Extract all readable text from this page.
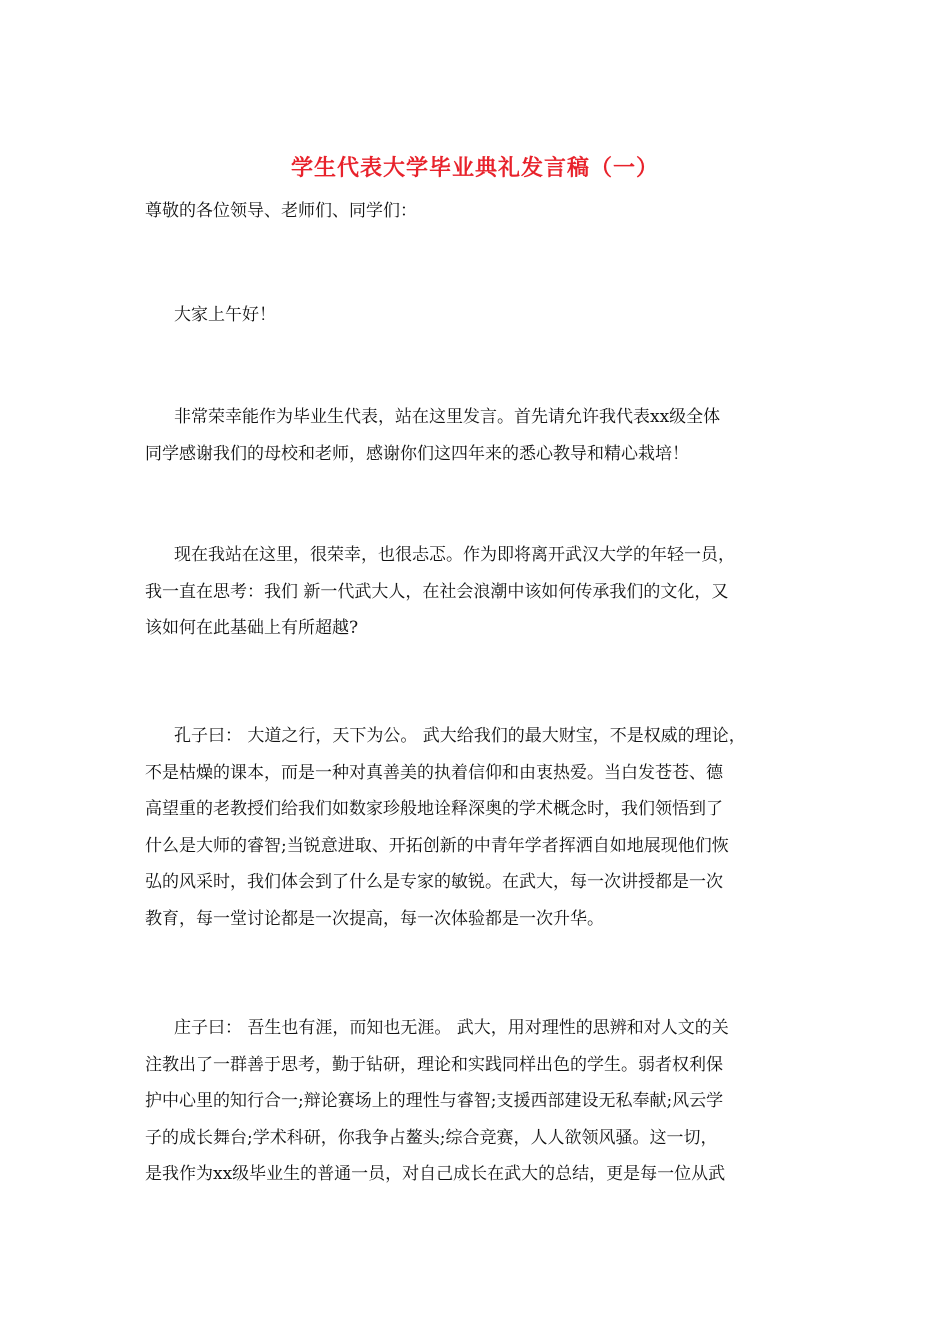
学生代表大学毕业典礼发言稿（一）
尊敬的各位领导、老师们、同学们：
大家上午好！
非常荣幸能作为毕业生代表，站在这里发言。首先请允许我代表xx级全体
同学感谢我们的母校和老师，感谢你们这四年来的悉心教导和精心栽培！
现在我站在这里，很荣幸，也很忐忑。作为即将离开武汉大学的年轻一员，
我一直在思考：我们 新一代武大人，在社会浪潮中该如何传承我们的文化，又
该如何在此基础上有所超越?
孔子曰： 大道之行，天下为公。 武大给我们的最大财宝，不是权威的理论，
不是枯燥的课本，而是一种对真善美的执着信仰和由衷热爱。当白发苍苍、德
高望重的老教授们给我们如数家珍般地诠释深奥的学术概念时，我们领悟到了
什么是大师的睿智;当锐意进取、开拓创新的中青年学者挥洒自如地展现他们恢
弘的风采时，我们体会到了什么是专家的敏锐。在武大，每一次讲授都是一次
教育，每一堂讨论都是一次提高，每一次体验都是一次升华。
庄子曰： 吾生也有涯，而知也无涯。 武大，用对理性的思辨和对人文的关
注教出了一群善于思考，勤于钻研，理论和实践同样出色的学生。弱者权利保
护中心里的知行合一;辩论赛场上的理性与睿智;支援西部建设无私奉献;风云学
子的成长舞台;学术科研，你我争占鳌头;综合竞赛，人人欲领风骚。这一切，
是我作为xx级毕业生的普通一员，对自己成长在武大的总结，更是每一位从武
